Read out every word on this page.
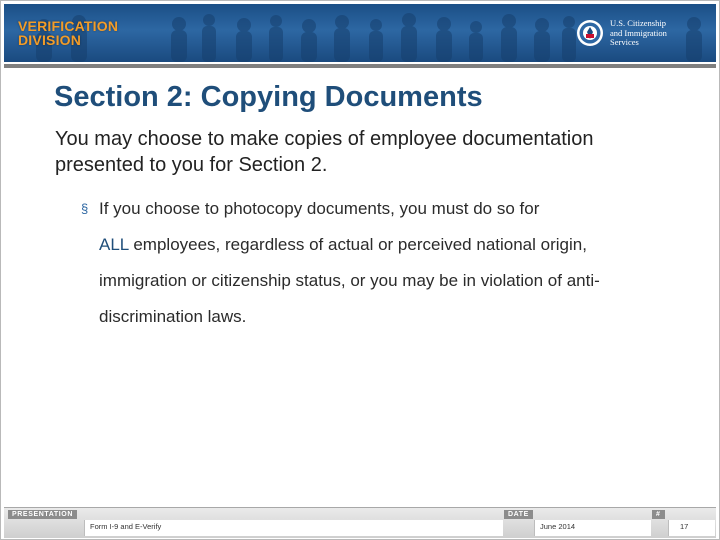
VERIFICATION
DIVISION
U.S. Citizenship
and Immigration
Services
Section 2: Copying Documents
You may choose to make copies of employee documentation presented to you for Section 2.
§ If you choose to photocopy documents, you must do so for
ALL employees, regardless of actual or perceived national origin, immigration or citizenship status, or you may be in violation of anti-discrimination laws.
PRESENTATION
Form I-9 and E-Verify
DATE
June 2014
#
17
